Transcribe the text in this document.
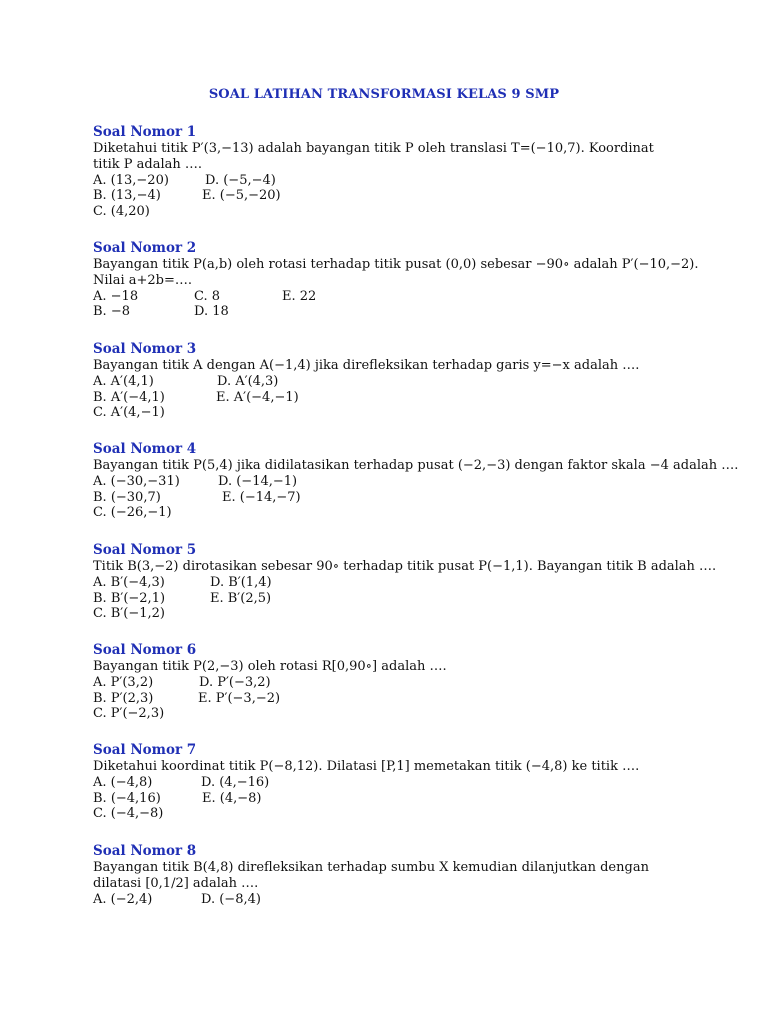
SOAL LATIHAN TRANSFORMASI KELAS 9 SMP
Soal Nomor 1
Diketahui titik P′(3,−13) adalah bayangan titik P oleh translasi T=(−10,7). Koordinat
titik P adalah ….
A. (13,−20)	D. (−5,−4)
B. (13,−4)	E. (−5,−20)
C. (4,20)
Soal Nomor 2
Bayangan titik P(a,b) oleh rotasi terhadap titik pusat (0,0) sebesar −90∘ adalah P′(−10,−2).
Nilai a+2b=….
A. −18	C. 8	E. 22
B. −8	D. 18
Soal Nomor 3
Bayangan titik A dengan A(−1,4) jika direfleksikan terhadap garis y=−x adalah ….
A. A′(4,1)	D. A′(4,3)
B. A′(−4,1)	E. A′(−4,−1)
C. A′(4,−1)
Soal Nomor 4
Bayangan titik P(5,4) jika didilatasikan terhadap pusat (−2,−3) dengan faktor skala −4 adalah ….
A. (−30,−31)	D. (−14,−1)
B. (−30,7)	E. (−14,−7)
C. (−26,−1)
Soal Nomor 5
Titik B(3,−2) dirotasikan sebesar 90∘ terhadap titik pusat P(−1,1). Bayangan titik B adalah ….
A. B′(−4,3)	D. B′(1,4)
B. B′(−2,1)	E. B′(2,5)
C. B′(−1,2)
Soal Nomor 6
Bayangan titik P(2,−3) oleh rotasi R[0,90∘] adalah ….
A. P′(3,2)	D. P′(−3,2)
B. P′(2,3)	E. P′(−3,−2)
C. P′(−2,3)
Soal Nomor 7
Diketahui koordinat titik P(−8,12). Dilatasi [P,1] memetakan titik (−4,8) ke titik ….
A. (−4,8)	D. (4,−16)
B. (−4,16)	E. (4,−8)
C. (−4,−8)
Soal Nomor 8
Bayangan titik B(4,8) direfleksikan terhadap sumbu X kemudian dilanjutkan dengan
dilatasi [0,1/2] adalah ….
A. (−2,4)	D. (−8,4)
